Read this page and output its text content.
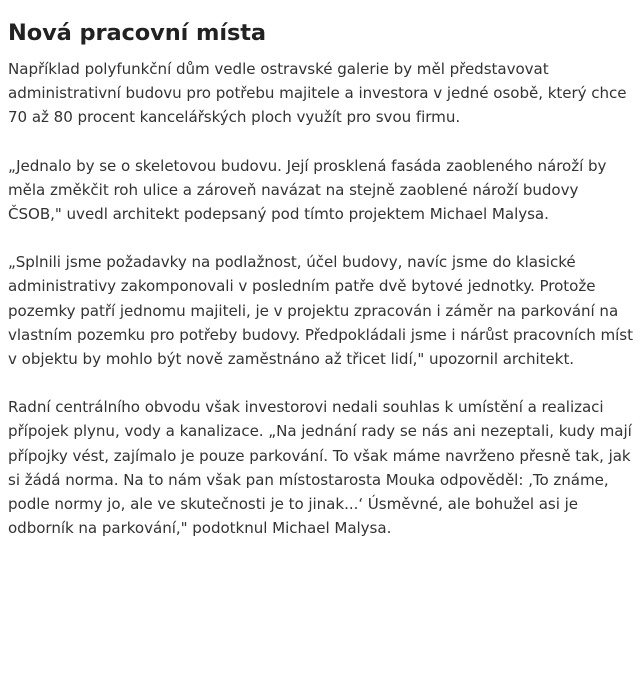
Nová pracovní místa

Například polyfunkční dům vedle ostravské galerie by měl představovat administrativní budovu pro potřebu majitele a investora v jedné osobě, který chce 70 až 80 procent kancelářských ploch využít pro svou firmu.

„Jednalo by se o skeletovou budovu. Její prosklená fasáda zaobleného nároží by měla změkčit roh ulice a zároveň navázat na stejně zaoblené nároží budovy ČSOB," uvedl architekt podepsaný pod tímto projektem Michael Malysa.

„Splnili jsme požadavky na podlažnost, účel budovy, navíc jsme do klasické administrativy zakomponovali v posledním patře dvě bytové jednotky. Protože pozemky patří jednomu majiteli, je v projektu zpracován i záměr na parkování na vlastním pozemku pro potřeby budovy. Předpokládali jsme i nárůst pracovních míst v objektu by mohlo být nově zaměstnáno až třicet lidí," upozornil architekt.

Radní centrálního obvodu však investorovi nedali souhlas k umístění a realizaci přípojek plynu, vody a kanalizace. „Na jednání rady se nás ani nezeptali, kudy mají přípojky vést, zajímalo je pouze parkování. To však máme navrženo přesně tak, jak si žádá norma. Na to nám však pan místostarosta Mouka odpověděl: ‚To známe, podle normy jo, ale ve skutečnosti je to jinak...‘ Úsměvné, ale bohužel asi je odborník na parkování," podotknul Michael Malysa.
